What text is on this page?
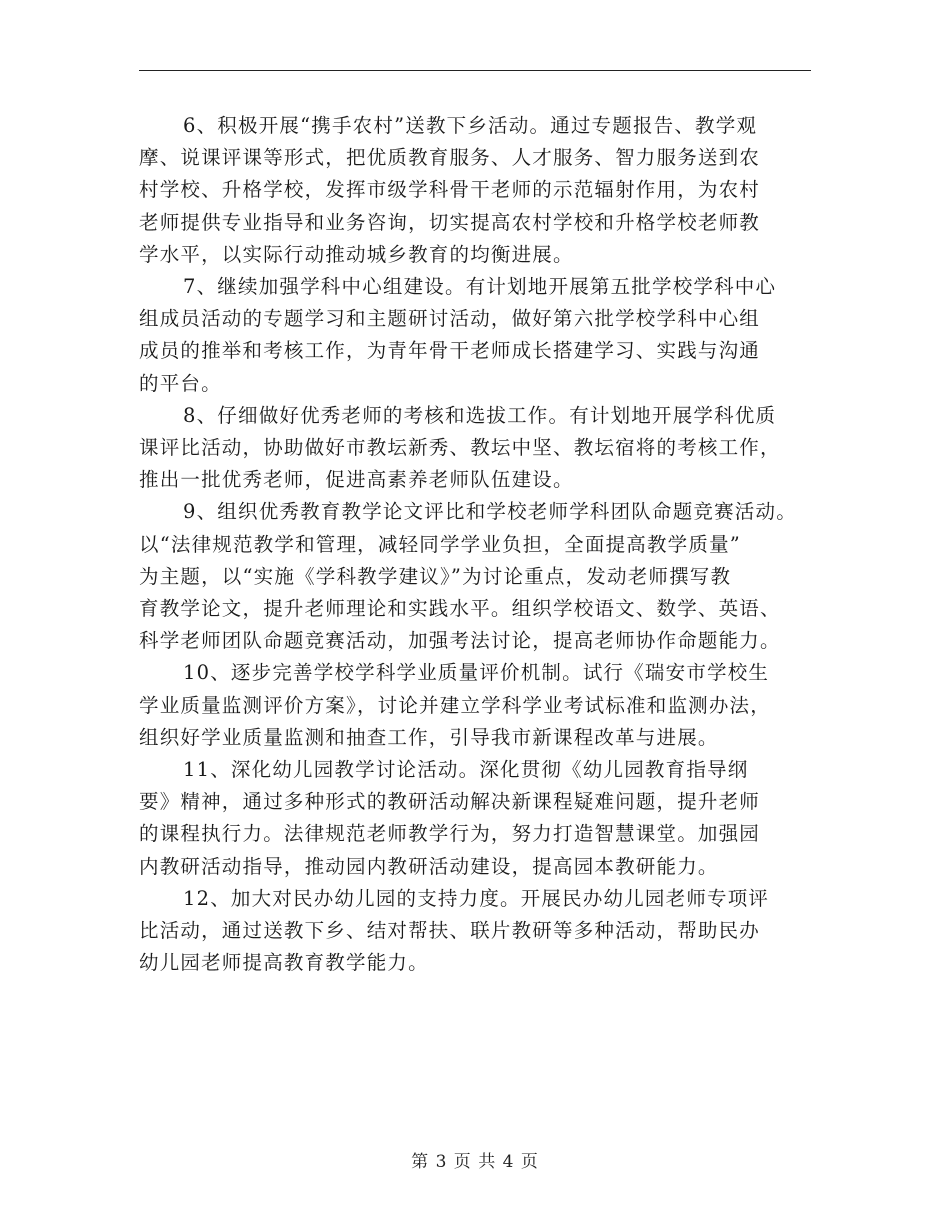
6、积极开展“携手农村”送教下乡活动。通过专题报告、教学观
摩、说课评课等形式，把优质教育服务、人才服务、智力服务送到农
村学校、升格学校，发挥市级学科骨干老师的示范辐射作用，为农村
老师提供专业指导和业务咨询，切实提高农村学校和升格学校老师教
学水平，以实际行动推动城乡教育的均衡进展。

7、继续加强学科中心组建设。有计划地开展第五批学校学科中心
组成员活动的专题学习和主题研讨活动，做好第六批学校学科中心组
成员的推举和考核工作，为青年骨干老师成长搭建学习、实践与沟通
的平台。

8、仔细做好优秀老师的考核和选拔工作。有计划地开展学科优质
课评比活动，协助做好市教坛新秀、教坛中坚、教坛宿将的考核工作，
推出一批优秀老师，促进高素养老师队伍建设。

9、组织优秀教育教学论文评比和学校老师学科团队命题竞赛活动。
以“法律规范教学和管理，减轻同学学业负担，全面提高教学质量”
为主题，以“实施《学科教学建议》”为讨论重点，发动老师撰写教
育教学论文，提升老师理论和实践水平。组织学校语文、数学、英语、
科学老师团队命题竞赛活动，加强考法讨论，提高老师协作命题能力。

10、逐步完善学校学科学业质量评价机制。试行《瑞安市学校生
学业质量监测评价方案》，讨论并建立学科学业考试标准和监测办法，
组织好学业质量监测和抽查工作，引导我市新课程改革与进展。

11、深化幼儿园教学讨论活动。深化贯彻《幼儿园教育指导纲
要》精神，通过多种形式的教研活动解决新课程疑难问题，提升老师
的课程执行力。法律规范老师教学行为，努力打造智慧课堂。加强园
内教研活动指导，推动园内教研活动建设，提高园本教研能力。

12、加大对民办幼儿园的支持力度。开展民办幼儿园老师专项评
比活动，通过送教下乡、结对帮扶、联片教研等多种活动，帮助民办
幼儿园老师提高教育教学能力。

第 3 页 共 4 页
